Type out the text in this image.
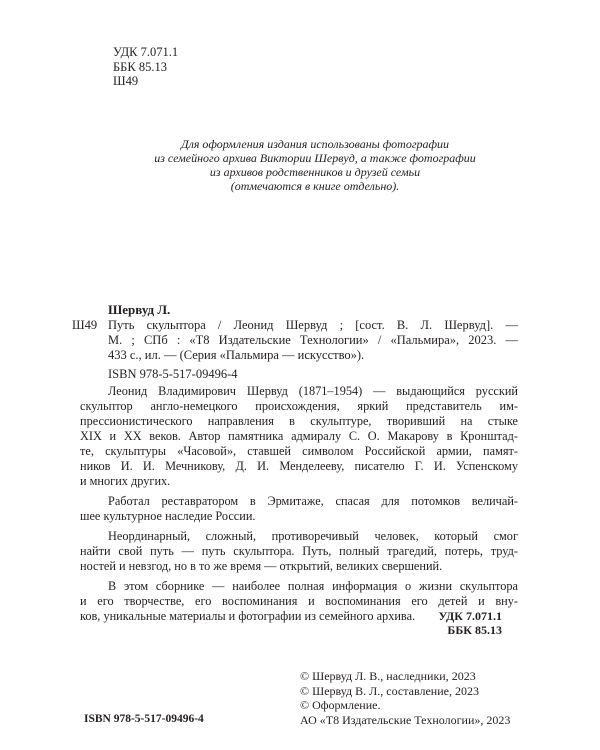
УДК 7.071.1
ББК 85.13
Ш49
Для оформления издания использованы фотографии
из семейного архива Виктории Шервуд, а также фотографии
из архивов родственников и друзей семьи
(отмечаются в книге отдельно).
Шервуд Л.
Ш49 Путь скульптора / Леонид Шервуд ; [сост. В. Л. Шервуд]. —
М. ; СПб : «Т8 Издательские Технологии» / «Пальмира», 2023. —
433 с., ил. — (Серия «Пальмира — искусство»).
ISBN 978-5-517-09496-4
Леонид Владимирович Шервуд (1871–1954) — выдающийся русский
скульптор англо-немецкого происхождения, яркий представитель им-
прессионистического направления в скульптуре, творивший на стыке
XIX и XX веков. Автор памятника адмиралу С. О. Макарову в Кронштад-
те, скульптуры «Часовой», ставшей символом Российской армии, памят-
ников И. И. Мечникову, Д. И. Менделееву, писателю Г. И. Успенскому
и многих других.
Работал реставратором в Эрмитаже, спасая для потомков величай-
шее культурное наследие России.
Неординарный, сложный, противоречивый человек, который смог
найти свой путь — путь скульптора. Путь, полный трагедий, потерь, труд-
ностей и невзгод, но в то же время — открытий, великих свершений.
В этом сборнике — наиболее полная информация о жизни скульптора
и его творчестве, его воспоминания и воспоминания его детей и вну-
ков, уникальные материалы и фотографии из семейного архива.	УДК 7.071.1
ББК 85.13
ISBN 978-5-517-09496-4
© Шервуд Л. В., наследники, 2023
© Шервуд В. Л., составление, 2023
© Оформление.
АО «Т8 Издательские Технологии», 2023
